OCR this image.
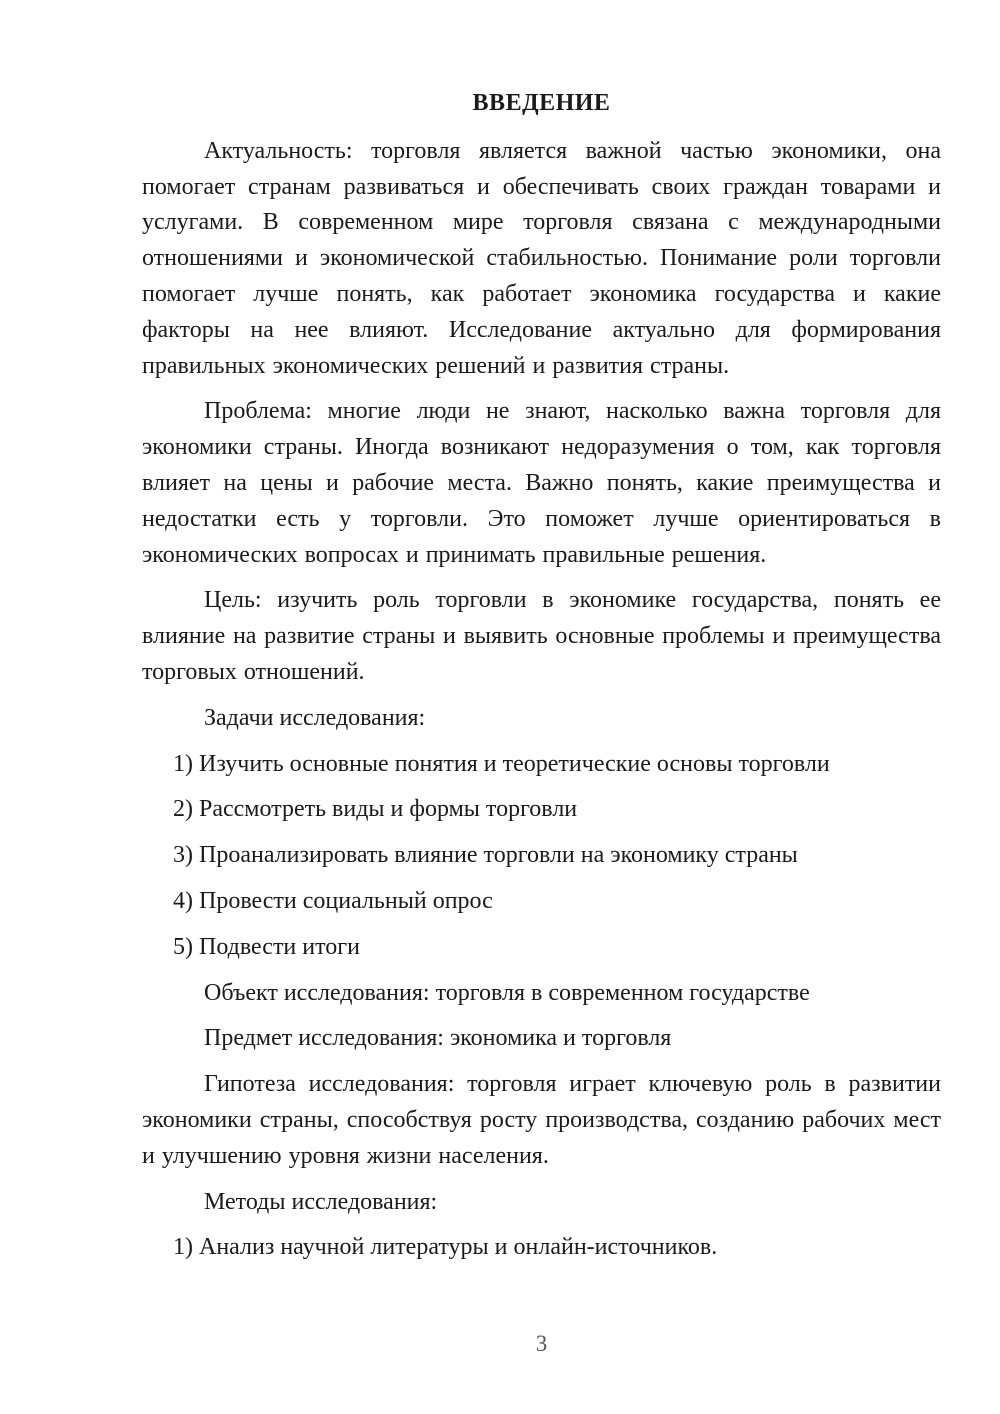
ВВЕДЕНИЕ
Актуальность: торговля является важной частью экономики, она помогает странам развиваться и обеспечивать своих граждан товарами и услугами. В современном мире торговля связана с международными отношениями и экономической стабильностью. Понимание роли торговли помогает лучше понять, как работает экономика государства и какие факторы на нее влияют. Исследование актуально для формирования правильных экономических решений и развития страны.
Проблема: многие люди не знают, насколько важна торговля для экономики страны. Иногда возникают недоразумения о том, как торговля влияет на цены и рабочие места. Важно понять, какие преимущества и недостатки есть у торговли. Это поможет лучше ориентироваться в экономических вопросах и принимать правильные решения.
Цель: изучить роль торговли в экономике государства, понять ее влияние на развитие страны и выявить основные проблемы и преимущества торговых отношений.
Задачи исследования:
1) Изучить основные понятия и теоретические основы торговли
2) Рассмотреть виды и формы торговли
3) Проанализировать влияние торговли на экономику страны
4) Провести социальный опрос
5) Подвести итоги
Объект исследования: торговля в современном государстве
Предмет исследования: экономика и торговля
Гипотеза исследования: торговля играет ключевую роль в развитии экономики страны, способствуя росту производства, созданию рабочих мест и улучшению уровня жизни населения.
Методы исследования:
1) Анализ научной литературы и онлайн-источников.
3
